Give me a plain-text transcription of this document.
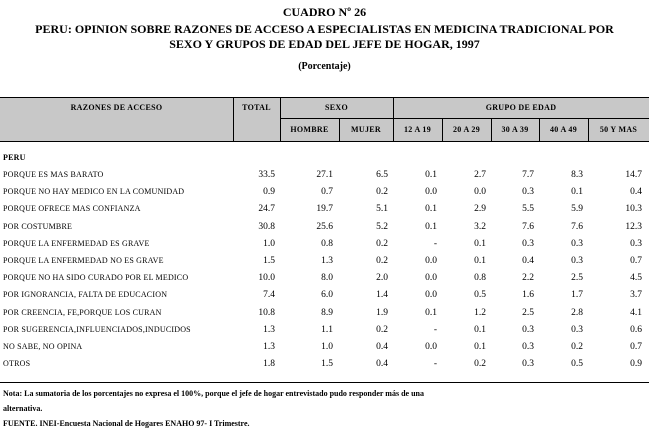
CUADRO Nº 26
PERU: OPINION SOBRE RAZONES DE ACCESO A ESPECIALISTAS EN MEDICINA TRADICIONAL POR
SEXO Y GRUPOS DE EDAD DEL JEFE DE HOGAR, 1997
(Porcentaje)
RAZONES DE ACCESO	TOTAL	SEXO	GRUPO DE EDAD
HOMBRE	MUJER	12 A 19	20 A 29	30 A 39	40 A 49	50 Y MAS
PERU
PORQUE ES MAS BARATO	33.5	27.1	6.5	0.1	2.7	7.7	8.3	14.7
PORQUE NO HAY MEDICO EN LA COMUNIDAD	0.9	0.7	0.2	0.0	0.0	0.3	0.1	0.4
PORQUE OFRECE MAS CONFIANZA	24.7	19.7	5.1	0.1	2.9	5.5	5.9	10.3
POR COSTUMBRE	30.8	25.6	5.2	0.1	3.2	7.6	7.6	12.3
PORQUE LA ENFERMEDAD ES GRAVE	1.0	0.8	0.2	-	0.1	0.3	0.3	0.3
PORQUE LA ENFERMEDAD NO ES GRAVE	1.5	1.3	0.2	0.0	0.1	0.4	0.3	0.7
PORQUE NO HA SIDO CURADO POR EL MEDICO	10.0	8.0	2.0	0.0	0.8	2.2	2.5	4.5
POR IGNORANCIA, FALTA DE EDUCACION	7.4	6.0	1.4	0.0	0.5	1.6	1.7	3.7
POR CREENCIA, FE,PORQUE LOS CURAN	10.8	8.9	1.9	0.1	1.2	2.5	2.8	4.1
POR SUGERENCIA,INFLUENCIADOS,INDUCIDOS	1.3	1.1	0.2	-	0.1	0.3	0.3	0.6
NO SABE, NO OPINA	1.3	1.0	0.4	0.0	0.1	0.3	0.2	0.7
OTROS	1.8	1.5	0.4	-	0.2	0.3	0.5	0.9
Nota: La sumatoria de los porcentajes no expresa el 100%, porque el jefe de hogar entrevistado pudo responder más de una
alternativa.
FUENTE. INEI-Encuesta Nacional de Hogares ENAHO 97- I Trimestre.
